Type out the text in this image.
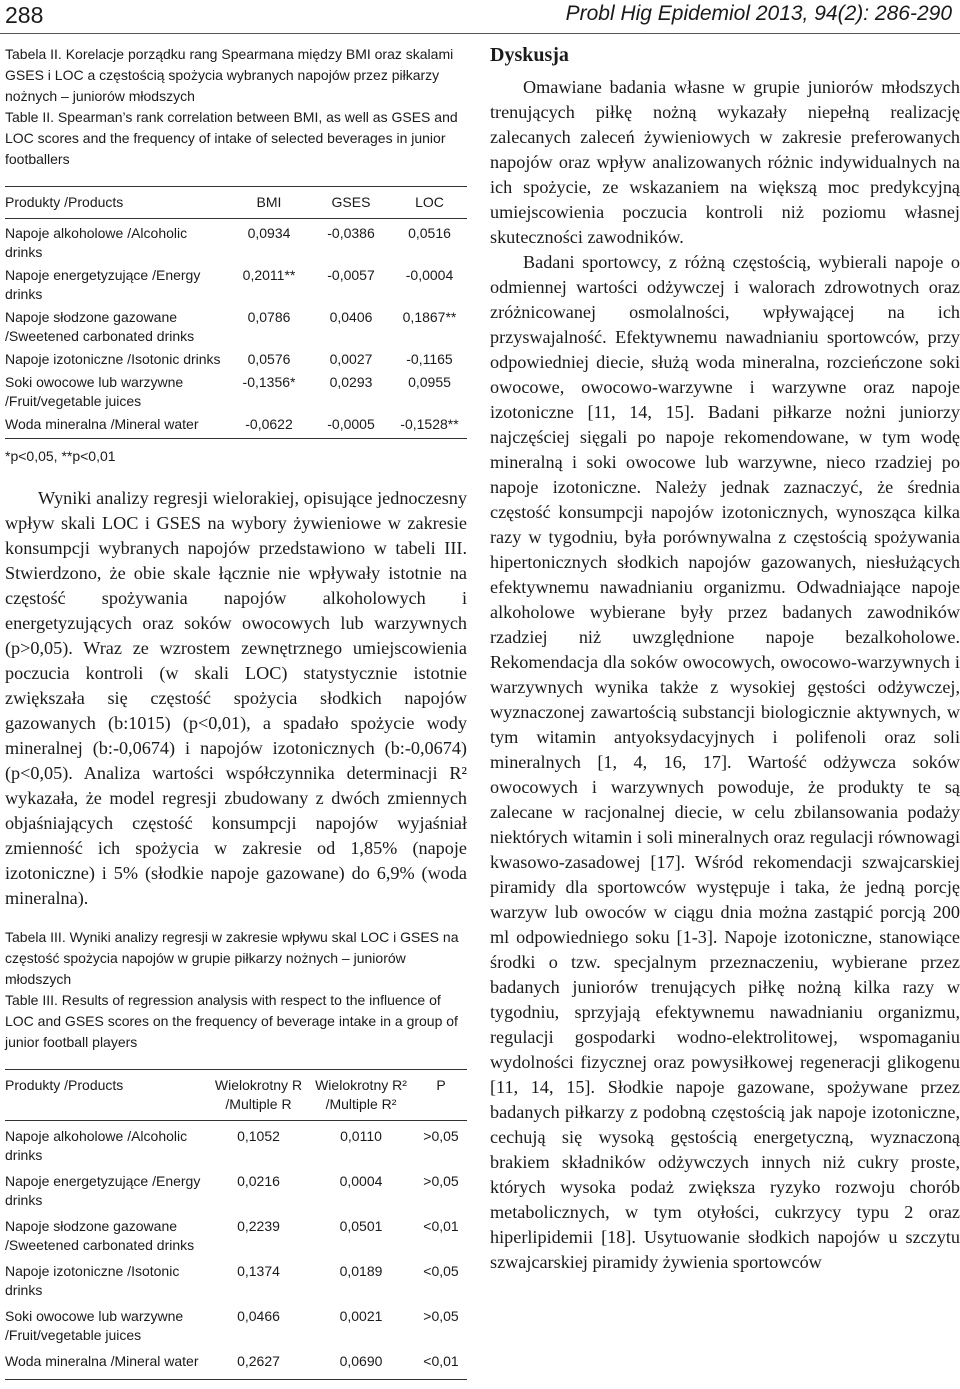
288	Probl Hig Epidemiol 2013, 94(2): 286-290

Tabela II. Korelacje porządku rang Spearmana między BMI oraz skalami GSES i LOC a częstością spożycia wybranych napojów przez piłkarzy nożnych – juniorów młodszych

Table II. Spearman’s rank correlation between BMI, as well as GSES and LOC scores and the frequency of intake of selected beverages in junior footballers

Produkty /Products	BMI	GSES	LOC

Napoje alkoholowe /Alcoholic drinks	0,0934	-0,0386	0,0516
Napoje energetyzujące /Energy drinks	0,2011**	-0,0057	-0,0004
Napoje słodzone gazowane /Sweetened carbonated drinks	0,0786	0,0406	0,1867**
Napoje izotoniczne /Isotonic drinks	0,0576	0,0027	-0,1165
Soki owocowe lub warzywne /Fruit/vegetable juices	-0,1356*	0,0293	0,0955
Woda mineralna /Mineral water	-0,0622	-0,0005	-0,1528**
*p<0,05, **p<0,01

Wyniki analizy regresji wielorakiej, opisujące jednoczesny wpływ skali LOC i GSES na wybory żywieniowe w zakresie konsumpcji wybranych napojów przedstawiono w tabeli III. Stwierdzono, że obie skale łącznie nie wpływały istotnie na częstość spożywania napojów alkoholowych i energetyzujących oraz soków owocowych lub warzywnych (p>0,05). Wraz ze wzrostem zewnętrznego umiejscowienia poczucia kontroli (w skali LOC) statystycznie istotnie zwiększała się częstość spożycia słodkich napojów gazowanych (b:1015) (p<0,01), a spadało spożycie wody mineralnej (b:-0,0674) i napojów izotonicznych (b:-0,0674) (p<0,05). Analiza wartości współczynnika determinacji R² wykazała, że model regresji zbudowany z dwóch zmiennych objaśniających częstość konsumpcji napojów wyjaśniał zmienność ich spożycia w zakresie od 1,85% (napoje izotoniczne) i 5% (słodkie napoje gazowane) do 6,9% (woda mineralna).

Tabela III. Wyniki analizy regresji w zakresie wpływu skal LOC i GSES na częstość spożycia napojów w grupie piłkarzy nożnych – juniorów młodszych

Table III. Results of regression analysis with respect to the influence of LOC and GSES scores on the frequency of beverage intake in a group of junior football players

Produkty /Products	Wielokrotny R /Multiple R	Wielokrotny R² /Multiple R²	P

Napoje alkoholowe /Alcoholic drinks	0,1052	0,0110	>0,05
Napoje energetyzujące /Energy drinks	0,0216	0,0004	>0,05
Napoje słodzone gazowane /Sweetened carbonated drinks	0,2239	0,0501	<0,01
Napoje izotoniczne /Isotonic drinks	0,1374	0,0189	<0,05
Soki owocowe lub warzywne /Fruit/vegetable juices	0,0466	0,0021	>0,05
Woda mineralna /Mineral water	0,2627	0,0690	<0,01
Dyskusja

Omawiane badania własne w grupie juniorów młodszych trenujących piłkę nożną wykazały niepełną realizację zalecanych zaleceń żywieniowych w zakresie preferowanych napojów oraz wpływ analizowanych różnic indywidualnych na ich spożycie, ze wskazaniem na większą moc predykcyjną umiejscowienia poczucia kontroli niż poziomu własnej skuteczności zawodników.

Badani sportowcy, z różną częstością, wybierali napoje o odmiennej wartości odżywczej i walorach zdrowotnych oraz zróżnicowanej osmolalności, wpływającej na ich przyswajalność. Efektywnemu nawadnianiu sportowców, przy odpowiedniej diecie, służą woda mineralna, rozcieńczone soki owocowe, owocowo-warzywne i warzywne oraz napoje izotoniczne [11, 14, 15]. Badani piłkarze nożni juniorzy najczęściej sięgali po napoje rekomendowane, w tym wodę mineralną i soki owocowe lub warzywne, nieco rzadziej po napoje izotoniczne. Należy jednak zaznaczyć, że średnia częstość konsumpcji napojów izotonicznych, wynosząca kilka razy w tygodniu, była porównywalna z częstością spożywania hipertonicznych słodkich napojów gazowanych, niesłużących efektywnemu nawadnianiu organizmu. Odwadniające napoje alkoholowe wybierane były przez badanych zawodników rzadziej niż uwzględnione napoje bezalkoholowe. Rekomendacja dla soków owocowych, owocowo-warzywnych i warzywnych wynika także z wysokiej gęstości odżywczej, wyznaczonej zawartością substancji biologicznie aktywnych, w tym witamin antyoksydacyjnych i polifenoli oraz soli mineralnych [1, 4, 16, 17]. Wartość odżywcza soków owocowych i warzywnych powoduje, że produkty te są zalecane w racjonalnej diecie, w celu zbilansowania podaży niektórych witamin i soli mineralnych oraz regulacji równowagi kwasowo-zasadowej [17]. Wśród rekomendacji szwajcarskiej piramidy dla sportowców występuje i taka, że jedną porcję warzyw lub owoców w ciągu dnia można zastąpić porcją 200 ml odpowiedniego soku [1-3]. Napoje izotoniczne, stanowiące środki o tzw. specjalnym przeznaczeniu, wybierane przez badanych juniorów trenujących piłkę nożną kilka razy w tygodniu, sprzyjają efektywnemu nawadnianiu organizmu, regulacji gospodarki wodno-elektrolitowej, wspomaganiu wydolności fizycznej oraz powysiłkowej regeneracji glikogenu [11, 14, 15]. Słodkie napoje gazowane, spożywane przez badanych piłkarzy z podobną częstością jak napoje izotoniczne, cechują się wysoką gęstością energetyczną, wyznaczoną brakiem składników odżywczych innych niż cukry proste, których wysoka podaż zwiększa ryzyko rozwoju chorób metabolicznych, w tym otyłości, cukrzycy typu 2 oraz hiperlipidemii [18]. Usytuowanie słodkich napojów u szczytu szwajcarskiej piramidy żywienia sportowców
